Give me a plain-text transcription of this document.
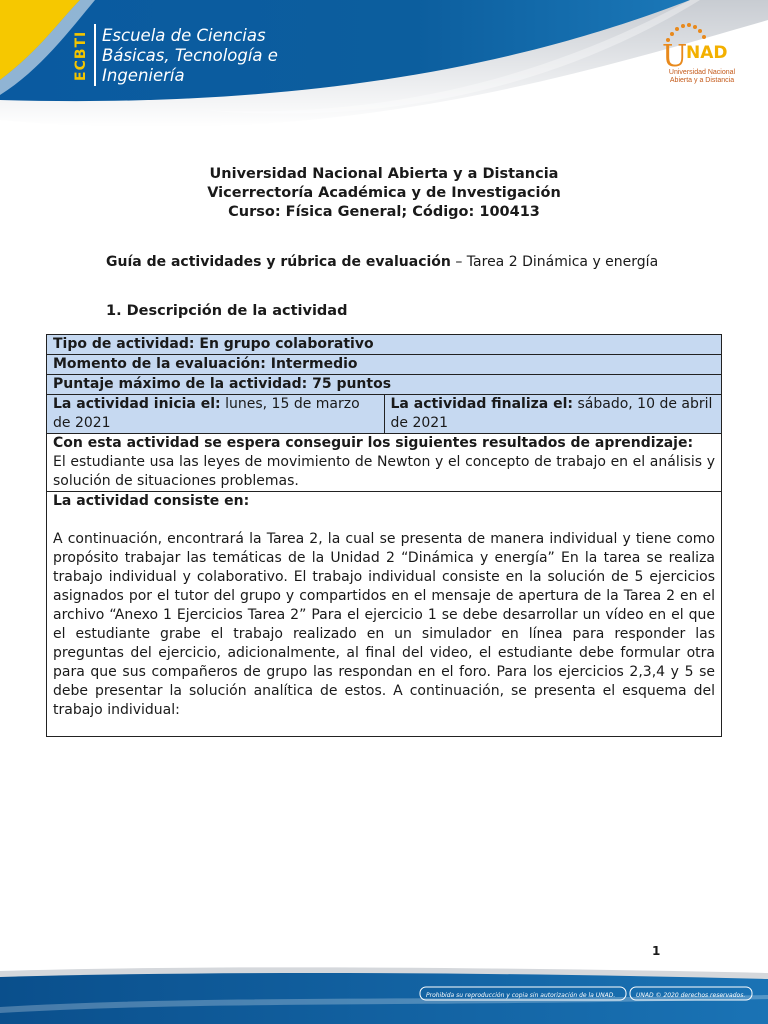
ECBTI Escuela de Ciencias
Básicas, Tecnología e
Ingeniería
U
NAD
Universidad Nacional
Abierta y a Distancia
Universidad Nacional Abierta y a Distancia
Vicerrectoría Académica y de Investigación
Curso: Física General; Código: 100413
Guía de actividades y rúbrica de evaluación – Tarea 2 Dinámica y energía
1. Descripción de la actividad
Tipo de actividad: En grupo colaborativo
Momento de la evaluación: Intermedio
Puntaje máximo de la actividad: 75 puntos
La actividad inicia el: lunes, 15 de marzo de 2021	La actividad finaliza el: sábado, 10 de abril de 2021

Con esta actividad se espera conseguir los siguientes resultados de aprendizaje:
El estudiante usa las leyes de movimiento de Newton y el concepto de trabajo en el análisis y solución de situaciones problemas.

La actividad consiste en:
A continuación, encontrará la Tarea 2, la cual se presenta de manera individual y tiene como propósito trabajar las temáticas de la Unidad 2 “Dinámica y energía” En la tarea se realiza trabajo individual y colaborativo. El trabajo individual consiste en la solución de 5 ejercicios asignados por el tutor del grupo y compartidos en el mensaje de apertura de la Tarea 2 en el archivo “Anexo 1 Ejercicios Tarea 2” Para el ejercicio 1 se debe desarrollar un vídeo en el que el estudiante grabe el trabajo realizado en un simulador en línea para responder las preguntas del ejercicio, adicionalmente, al final del video, el estudiante debe formular otra para que sus compañeros de grupo las respondan en el foro. Para los ejercicios 2,3,4 y 5 se debe presentar la solución analítica de estos. A continuación, se presenta el esquema del trabajo individual:
1
Prohibida su reproducción y copia sin autorización de la UNAD.	UNAD © 2020 derechos reservados.
